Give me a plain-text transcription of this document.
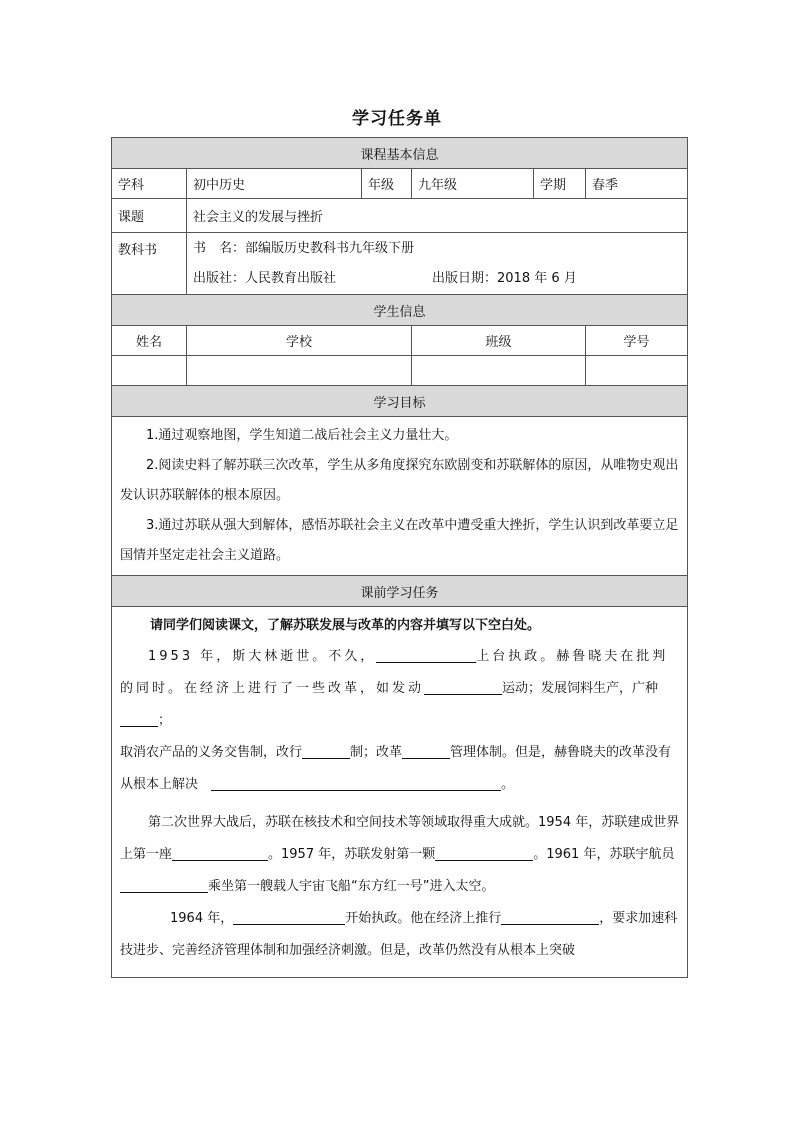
学习任务单
课程基本信息					
学科	初中历史	年级	九年级	学期	春季
课题	社会主义的发展与挫折				
教科书	书　名：部编版历史教科书九年级下册
出版社：人民教育出版社 出版日期：2018 年 6 月				

学生信息					
姓名	学校		班级		学号

学习目标					

1.通过观察地图，学生知道二战后社会主义力量壮大。

2.阅读史料了解苏联三次改革，学生从多角度探究东欧剧变和苏联解体的原因，从唯物史观出发认识苏联解体的根本原因。

3.通过苏联从强大到解体，感悟苏联社会主义在改革中遭受重大挫折，学生认识到改革要立足国情并坚定走社会主义道路。					

课前学习任务					

请同学们阅读课文，了解苏联发展与改革的内容并填写以下空白处。

1953 年，斯大林逝世。不久， 上台执政。赫鲁晓夫在批判的同时。在经济上进行了一些改革，如发动 运动；发展饲料生产，广种 ；

取消农产品的义务交售制，改行 制；改革 管理体制。但是，赫鲁晓夫的改革没有从根本上解决　 。

第二次世界大战后，苏联在核技术和空间技术等领域取得重大成就。1954 年，苏联建成世界上第一座 。1957 年，苏联发射第一颗 。1961 年，苏联宇航员乘坐第一艘载人宇宙飞船“东方红一号”进入太空。

1964 年， 开始执政。他在经济上推行 ，要求加速科技进步、完善经济管理体制和加强经济刺激。但是，改革仍然没有从根本上突破					
